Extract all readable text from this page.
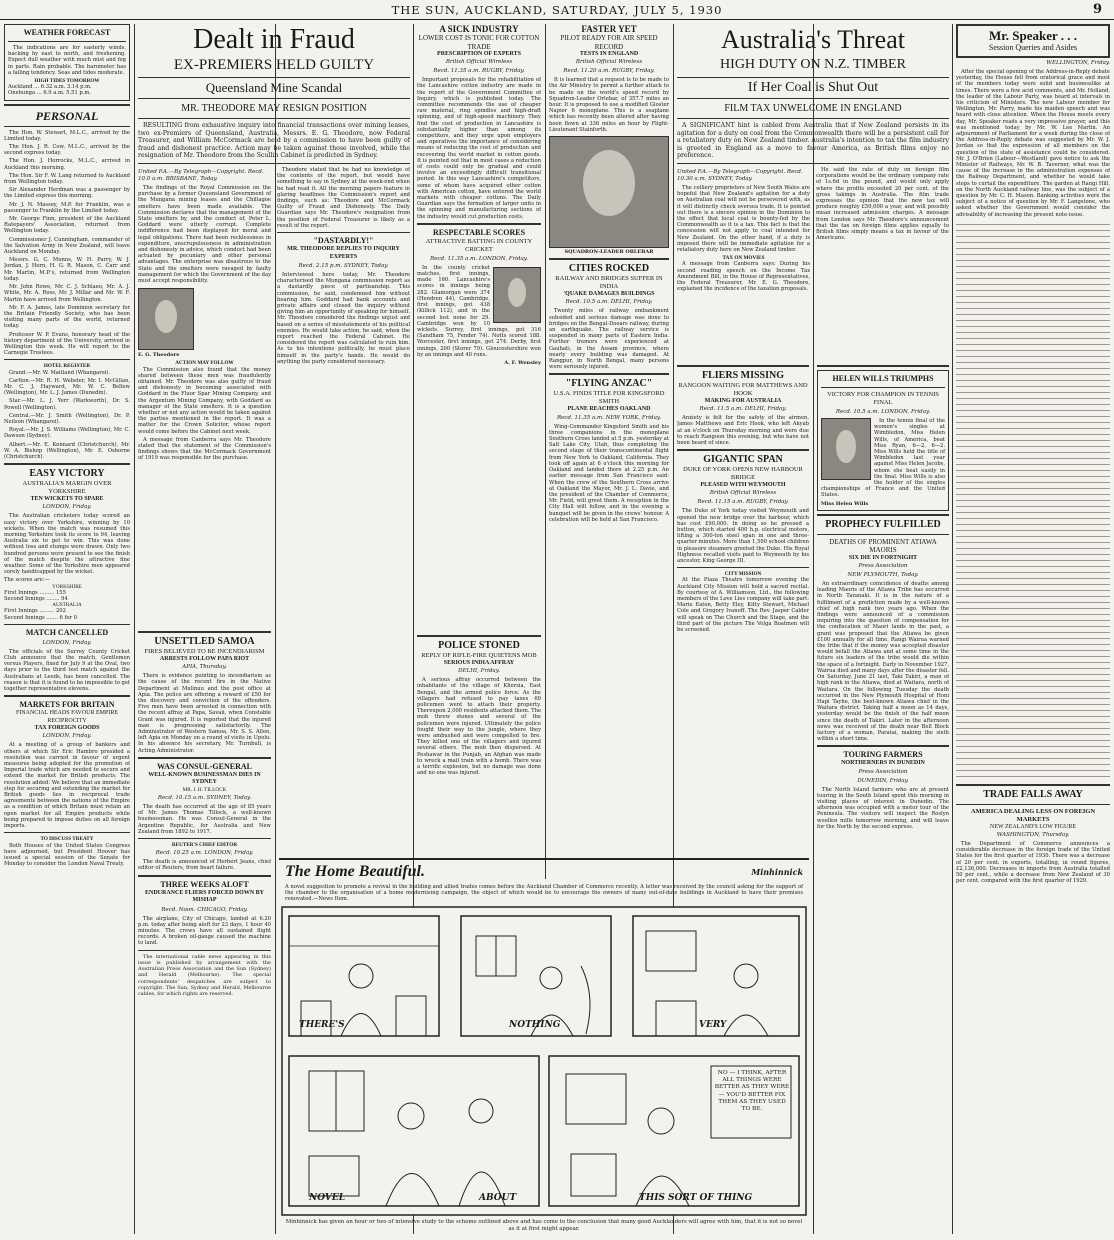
THE SUN, AUCKLAND, SATURDAY, JULY 5, 1930	9
WEATHER FORECAST

The indications are for easterly winds, backing by east to north, and freshening. Expect dull weather with much mist and fog in parts. Rain probable. The barometer has a falling tendency. Seas and tides moderate.

HIGH TIDES TOMORROW
Auckland ... 6.32 a.m. 3.14 p.m.
Onehunga ... 6.9 a.m. 5.51 p.m.
PERSONAL

The Hon. W. Stewart, M.L.C., arrived by the Limited today.

The Hon. J. R. Cow, M.L.C., arrived by the second express today.

The Hon. J. Horrocks, M.L.C., arrived in Auckland this morning.

The Hon. Sir F. W. Lang returned to Auckland from Wellington today.

Sir Alexander Herdman was a passenger by the Limited express this morning.

Mr. J. N. Massey, M.P. for Franklin, was a passenger to Franklin by the Limited today.

Mr. George Finn, president of the Auckland Ratepayers' Association, returned from Wellington today.

Commissioner J. Cunningham, commander of the Salvation Army in New Zealand, will leave Auckland on Monday.

Messrs. G. C. Munns, W. H. Parry, W. J. Jordan, J. Horn, H. G. R. Mason, C. Carr and Mr. Martin, M.P.'s, returned from Wellington today.

Mr. John Rowe, Mr. C. J. Schlaeo, Mr. A. J. White, Mr. A. Ross, Mr. J. Millar and Mr. W. F. Martin have arrived from Wellington.

Mr. F. A. James, late Dominion secretary for the Britain Friendly Society, who has been visiting many parts of the world, returned today.

Professor W. P. Evans, honorary head of the history department of the University, arrived in Wellington this week. He will report to the Carnegie Trustees.

HOTEL REGISTER

Grand.—Mr. W. Maitland (Whangarei).

Carlton.—Mr. R. H. Webster, Mr. I. McGillan, Mr. C. J. Hayward, Mr. W. C. Bellew (Wellington), Mr. L. J. James (Dunedin).

Star.—Mr. L. J. Yerr (Warkworth), Dr. S. Powell (Wellington).

Central.—Mr. J. Smith (Wellington), Dr. P. Neilson (Whangarei).

Royal.—Mr. J. S. Williams (Wellington), Mr. C. Dawson (Sydney).

Albert.—Mr. E. Kennard (Christchurch), Mr. W. A. Bishop (Wellington), Mr. E. Osborne (Christchurch).

EASY VICTORY
AUSTRALIA'S MARGIN OVER YORKSHIRE
TEN WICKETS TO SPARE
LONDON, Friday.

The Australian cricketers today scored an easy victory over Yorkshire, winning by 10 wickets. When the match was resumed this morning Yorkshire took its score to 94, leaving Australia six to get to win. This was done without loss and stumps were drawn. Only two hundred persons were present to see the finish of the match despite the attractive fine weather. Some of the Yorkshire men appeared sorely handicapped by the wicket.

The scores are:—
YORKSHIRE
First Innings ......... 155
Second Innings ........ 94
AUSTRALIA
First Innings ......... 202
Second Innings ....... 6 for 0
MATCH CANCELLED
LONDON, Friday.

The officials of the Surrey County Cricket Club announce that the match, Gentlemen versus Players, fixed for July 9 at the Oval, two days prior to the third test match against the Australians at Leeds, has been cancelled. The reason is that it is found to be impossible to get together representative elevens.

MARKETS FOR BRITAIN
FINANCIAL HEADS FAVOUR EMPIRE RECIPROCITY
TAX FOREIGN GOODS
LONDON, Friday.

At a meeting of a group of bankers and others at which Sir Eric Hambro presided a resolution was carried in favour of urgent measures being adopted for the promotion of Imperial trade which are needed to secure and extend the market for British products. The resolution added: We believe that an immediate step for securing and extending the market for British goods lies in reciprocal trade agreements between the nations of the Empire as a condition of which Britain must retain an open market for all Empire products while being prepared to impose duties on all foreign imports.

TO DISCUSS TREATY

Both Houses of the United States Congress have adjourned, but President Hoover has issued a special session of the Senate for Monday to consider the London Naval Treaty.

Dealt in Fraud
EX-PREMIERS HELD GUILTY
Queensland Mine Scandal
MR. THEODORE MAY RESIGN POSITION

RESULTING from exhaustive inquiry into financial transactions over mining leases, two ex-Premiers of Queensland, Australia, Messrs. E. G. Theodore, now Federal Treasurer, and William McCormack are held by a commission to have been guilty of fraud and dishonest practice. Action may be taken against those involved, while the resignation of Mr. Theodore from the Scullin Cabinet is predicted in Sydney.

United P.A.—By Telegraph—Copyright. Recd. 10.0 a.m. BRISBANE, Today.

The findings of the Royal Commission on the purchase by a former Queensland Government of the Mungana mining leases and the Chillagoe smelters have been made available. The Commission declares that the management of the State smelters by, and the conduct of, Peter L. Goddard were utterly corrupt. Complete indifference had been displayed for moral and legal obligations. There had been recklessness in expenditure, unscrupulousness in administration and dishonesty in advice, which conduct had been actuated by pecuniary and other personal advantages. The enterprise was disastrous to the State and the smelters were ravaged by faulty management for which the Government of the day must accept responsibility.

E. G. Theodore
ACTION MAY FOLLOW

The Commission also found that the money shared between these men was fraudulently obtained. Mr. Theodore was also guilty of fraud and dishonesty in becoming associated with Goddard in the Fluor Spar Mining Company, and the Argentum Mining Company, with Goddard as manager of the State smelters. It is a question whether or not any action would be taken against the parties mentioned in the report. It was a matter for the Crown Solicitor, whose report would come before the Cabinet next week.

A message from Canberra says Mr. Theodore stated that the statement of the Commission's findings shows that the McCormack Government of 1919 was responsible for the purchase.

Theodore stated that he had no knowledge of the contents of the report, but would have something to say in Sydney at the week-end when he had read it. All the morning papers feature in glaring headlines the Commission's report and findings, such as: Theodore and McCormack Guilty of Fraud and Dishonesty. The Daily Guardian says Mr. Theodore's resignation from the position of Federal Treasurer is likely as a result of the report.

"DASTARDLY!"
MR. THEODORE REPLIES TO INQUIRY EXPERTS
Recd. 2.15 p.m. SYDNEY, Today.

Interviewed here today, Mr. Theodore characterised the Mungana commission report as a dastardly piece of partisanship. This commission, he said, condemned him without hearing him. Goddard had bank accounts and private affairs and closed the inquiry without giving him an opportunity of speaking for himself. Mr. Theodore considered the findings unjust and based on a series of misstatements of his political enemies. He would take action, he said, when the report reached the Federal Cabinet. He considered the report was calculated to ruin him. As to his intentions politically, he must place himself in the party's hands. He would do anything the party considered necessary.

UNSETTLED SAMOA
FIRES BELIEVED TO BE INCENDIARISM
ARRESTS FOLLOW PAPA RIOT
APIA, Thursday.

There is evidence pointing to incendiarism as the cause of the recent fire in the Native Department at Mulinuu and the post office at Apia. The police are offering a reward of £50 for the discovery and conviction of the offenders. Five men have been arrested in connection with the recent affray at Papa, Savaii, when Constable Grant was injured. It is reported that the injured man is progressing satisfactorily. The Administrator of Western Samoa, Mr. S. S. Allen, left Apia on Monday on a round of visits in Upolu. In his absence his secretary, Mr. Turnbull, is Acting Administrator.

WAS CONSUL-GENERAL
WELL-KNOWN BUSINESSMAN DIES IN SYDNEY
MR. J. H. TILLOCK
Recd. 10.15 a.m. SYDNEY, Today.

The death has occurred at the age of 85 years of Mr. James Thomas Tillock, a well-known businessman. He was Consul-General in the Argentine Republic, for Australia and New Zealand from 1892 to 1917.

REUTER'S CHIEF EDITOR
Recd. 10.25 a.m. LONDON, Friday.

The death is announced of Herbert Jeans, chief editor of Reuters, from heart failure.

THREE WEEKS ALOFT
ENDURANCE FLIERS FORCED DOWN BY MISHAP
Recd. Noon. CHICAGO, Friday.

The airplane, City of Chicago, landed at 6.20 p.m. today after being aloft for 23 days, 1 hour 40 minutes. The crews have all sustained flight records. A broken oil-gauge caused the machine to land.

The international cable news appearing in this issue is published by arrangement with the Australian Press Association and the Sun (Sydney) and Herald (Melbourne). The special correspondents' despatches are subject to copyright. The Sun, Sydney and Herald, Melbourne cables, for which rights are reserved.

A SICK INDUSTRY
LOWER COST IS TONIC FOR COTTON TRADE
PRESCRIPTION OF EXPERTS
British Official Wireless
Recd. 11.35 a.m. RUGBY, Friday.

Important proposals for the rehabilitation of the Lancashire cotton industry are made in the report of the Government Committee of Inquiry, which is published today. The committee recommends the use of cheaper raw material, ring spindles and high-draft spinning, and of high-speed machinery. They find the cost of production in Lancashire is substantially higher than among its competitors, and they urge upon employers and operatives the importance of considering means of reducing the cost of production and recovering the world market in cotton goods. It is pointed out that in most cases a reduction of costs could only be gradual and could involve an exceedingly difficult transitional period. In this way Lancashire's competitors, some of whom have acquired other cotton with American cotton, have entered the world markets with cheaper cottons. The Daily Guardian says the formation of larger units in the spinning and manufacturing sections of the industry would cut production costs.

RESPECTABLE SCORES
ATTRACTIVE BATTING IN COUNTY CRICKET
Recd. 11.35 a.m. LONDON, Friday.

In the county cricket matches, first innings, made 160. Lancashire's scores in innings being 282. Glamorgan were 374 (Hendren 44), Cambridge, first innings, got 438 (Killick 112), and in the second lost none for 29. Cambridge won by 10 wickets. Surrey, first innings, got 316 (Sandham 75, Fender 74). Notts scored 188. Worcester, first innings, got 274. Derby, first innings, 200 (Storer 79). Gloucestershire won by an innings and 40 runs.

A. F. Wensley
POLICE STONED
REPLY OF RIFLE-FIRE QUIETENS MOB
SERIOUS INDIA AFFRAY
DELHI, Friday.

A serious affray occurred between the inhabitants of the village of Khersia, East Bengal, and the armed police force. As the villagers had refused to pay taxes 60 policemen went to attach their property. Thereupon 2,000 residents attacked them. The mob threw stones and several of the policemen were injured. Ultimately the police fought their way to the jungle, where they were ambushed and were compelled to fire. They killed one of the villagers and injured several others. The mob then dispersed. At Peshawar in the Punjab, an Afghan was made to wreck a mail train with a bomb. There was a terrific explosion, but no damage was done and no one was injured.

FASTER YET
PILOT READY FOR AIR SPEED RECORD
TESTS IN ENGLAND
British Official Wireless
Recd. 11.20 a.m. RUGBY, Friday.

It is learned that a request is to be made to the Air Ministry to permit a further attack to be made on the world's speed record by Squadron-Leader Orlebar, of 357.7 miles an hour. It is proposed to use a modified Gloster Napier 6 monoplane. This is a seaplane which has recently been altered after having been flown at 336 miles an hour by Flight-Lieutenant Stainforth.

SQUADRON-LEADER ORLEBAR
CITIES ROCKED
RAILWAY AND BRIDGES SUFFER IN INDIA
'QUAKE DAMAGES BUILDINGS
Recd. 10.5 a.m. DELHI, Friday.

Twenty miles of railway embankment subsided and serious damage was done to bridges on the Bengal-Dooars railway, during an earthquake. The railway service is suspended in many parts of Eastern India. Further tremors were experienced at Gauhati, in the Assam province, where nearly every building was damaged. At Rangpur, in North Bengal, many persons were seriously injured.

"FLYING ANZAC"
U.S.A. FINDS TITLE FOR KINGSFORD SMITH
PLANE REACHES OAKLAND
Recd. 11.35 a.m. NEW YORK, Friday.

Wing-Commander Kingsford Smith and his three companions in the monoplane Southern Cross landed at 5 p.m. yesterday at Salt Lake City, Utah, thus completing the second stage of their transcontinental flight from New York to Oakland, California. They took off again at 6 o'clock this morning for Oakland and landed there at 2.25 p.m. An earlier message from San Francisco said: When the crew of the Southern Cross arrive at Oakland the Mayor, Mr. J. L. Davie, and the president of the Chamber of Commerce, Mr. Field, will greet them. A reception in the City Hall will follow, and in the evening a banquet will be given in the crews' honour. A celebration will be held at San Francisco.

Australia's Threat
HIGH DUTY ON N.Z. TIMBER
If Her Coal is Shut Out
FILM TAX UNWELCOME IN ENGLAND

A SIGNIFICANT hint is cabled from Australia that if New Zealand persists in its agitation for a duty on coal from the Commonwealth there will be a persistent call for a retaliatory duty on New Zealand timber. Australia's intention to tax the film industry is greeted in England as a move to favour America, as British films enjoy no preference.

United P.A.—By Telegraph—Copyright. Recd. 10.30 a.m. SYDNEY, Today.

The colliery proprietors of New South Wales are hopeful that New Zealand's agitation for a duty on Australian coal will not be persevered with, as it will distinctly check oversea trade. It is pointed out there is a sincere opinion in the Dominion to the effect that local coal is bounty-fed by the Commonwealth as it is a tax. This fact is that the concession will not apply to coal intended for New Zealand. On the other hand, if a duty is imposed there will be immediate agitation for a retaliatory duty here on New Zealand timber.

TAX ON MOVIES

A message from Canberra says: During his second reading speech on the Income Tax Amendment Bill, in the House of Representatives, the Federal Treasurer, Mr. E. G. Theodore, explained the incidence of the taxation proposals.

He said the rate of duty on foreign film corporations would be the ordinary company rate of 1s.6d in the pound, and would only apply where the profits exceeded 20 per cent. of the gross takings in Australia. The film trade expresses the opinion that the new tax will produce roughly £50,000 a year, and will possibly mean increased admission charges. A message from London says Mr. Theodore's announcement that the tax on foreign films applies equally to British films simply means a tax in favour of the Americans.

FLIERS MISSING
RANGOON WAITING FOR MATTHEWS AND HOOK
MAKING FOR AUSTRALIA
Recd. 11.5 a.m. DELHI, Friday.

Anxiety is felt for the safety of the airmen, James Matthews and Eric Hook, who left Akyab at an o'clock on Thursday morning and were due to reach Rangoon this evening, but who have not been heard of since.

GIGANTIC SPAN
DUKE OF YORK OPENS NEW HARBOUR BRIDGE
PLEASED WITH WEYMOUTH
British Official Wireless
Recd. 11.15 a.m. RUGBY, Friday.

The Duke of York today visited Weymouth and opened the new bridge over the harbour, which has cost £90,000. In doing so he pressed a button, which started 400 h.p. electrical motors, lifting a 300-ton steel span in one and three-quarter minutes. More than 1,500 school children in pleasure steamers greeted the Duke. His Royal Highness recalled visits paid to Weymouth by his ancestor, King George III.

CITY MISSION

At the Plaza Theatre tomorrow evening the Auckland City Mission will hold a sacred recital. By courtesy of A. Williamson, Ltd., the following members of the Love Lies company will take part: Marie Eaton, Betty Eley, Kitty Stewart, Michael Cole and Gregory Ivanoff. The Rev. Jasper Calder will speak on The Church and the Stage, and the third part of the picture The Volga Boatmen will be screened.

HELEN WILLS TRIUMPHS
VICTORY FOR CHAMPION IN TENNIS FINAL
Recd. 10.5 a.m. LONDON, Friday.

In the tennis final of the women's singles at Wimbledon, Miss Helen Wills, of America, beat Miss Ryan, 6—2, 6—2. Miss Wills held the title of Wimbledon last year against Miss Helen Jacobs, whom she beat easily in the final. Miss Wills is also the holder of the singles championships of France and the United States.

Miss Helen Wills
PROPHECY FULFILLED
DEATHS OF PROMINENT ATIAWA MAORIS
SIX DIE IN FORTNIGHT
Press Association
NEW PLYMOUTH, Today.

An extraordinary coincidence of deaths among leading Maoris of the Atiawa Tribe has occurred in North Taranaki. It is in the nature of a fulfilment of a prediction made by a well-known chief of high rank two years ago. When the findings were announced of a commission inquiring into the question of compensation for the confiscation of Maori lands in the past, a grant was proposed that the Atiawa be given £100 annually for all time. Rangi Wairua warned the tribe that if the money was accepted disaster would befall the Atiawa and at some time in the future six leaders of the tribe would die within the space of a fortnight. Early in November 1927, Wairua died and many days after the disaster fell. On Saturday, June 21 last, Taki Takiri, a man of high rank in the Atiawa, died at Waitara, north of Waitara. On the following Tuesday the death occurred in the New Plymouth Hospital of Honi Hapi Tayhe, the best-known Atiawa chief in the Waitara district. Taking half a moon as 14 days, yesterday would be the finish of the half moon since the death of Takiri. Later in the afternoon news was received of the death near Bell Block factory of a woman, Paratai, making the sixth within a short time.

TOURING FARMERS
NORTHERNERS IN DUNEDIN
Press Association
DUNEDIN, Friday.

The North Island farmers who are at present touring in the South Island spent this morning in visiting places of interest in Dunedin. The afternoon was occupied with a motor tour of the Peninsula. The visitors will inspect the Roslyn woollen mills tomorrow morning, and will leave for the North by the second express.

Mr. Speaker . . .
Session Queries and Asides
WELLINGTON, Friday.

After the special opening of the Address-in-Reply debate yesterday, the House fell from oratorical grace and most of the members today were solid and businesslike at times. There were a few acid comments, and Mr. Holland, the leader of the Labour Party, was heard at intervals in his criticism of Ministers. The new Labour member for Wellington, Mr. Parry, made his maiden speech and was heard with close attention. When the House meets every day, Mr. Speaker reads a very impressive prayer, and this was mentioned today by Mr. W. Lee Martin. An adjournment of Parliament for a week during the close of the Address-in-Reply debate was suggested by Mr. W. J. Jordan so that the expression of all members on the question of the state of assistance could be considered. Mr. J. O'Brien (Labour—Westland) gave notice to ask the Minister of Railways, Mr. W. B. Taverner, what was the cause of the increase in the administration expenses of the Railway Department, and whether he would take steps to curtail the expenditure. The garden at Rangi Hill, on the North Auckland railway line, was the subject of a question by Mr. C. H. Mason. Banking activities were the subject of a notice of question by Mr. F. Langstone, who asked whether the Government would consider the advisability of increasing the present note-issue.

TRADE FALLS AWAY
AMERICA DEALING LESS ON FOREIGN MARKETS
NEW ZEALAND'S LOW FIGURE
WASHINGTON, Thursday.

The Department of Commerce announces a considerable decrease in the foreign trade of the United States for the first quarter of 1930. There was a decrease of 20 per cent. in exports, totalling, in round figures, £2,136,000. Decreases in imports from Australia totalled 50 per cent., while a decrease from New Zealand of 30 per cent. compared with the first quarter of 1929.

The Home Beautiful.	Minhinnick
A novel suggestion to promote a revival in the building and allied trades comes before the Auckland Chamber of Commerce recently. A letter was received by the council asking for the support of the chamber to the organisation of a home modernising campaign, the object of which would be to encourage the owners of many out-of-date buildings in Auckland to have their premises renovated.—News Item.
THERE'S	NOTHING	VERY
NO — I THINK, AFTER ALL THINGS WERE BETTER AS THEY WERE — YOU'D BETTER FIX THEM AS THEY USED TO BE.
NOVEL	ABOUT	THIS SORT OF THING
Minhinnick has given an hour or two of intensive study to the scheme outlined above and has come to the conclusion that many good Aucklanders will agree with him, that it is not so novel as it at first might appear.
